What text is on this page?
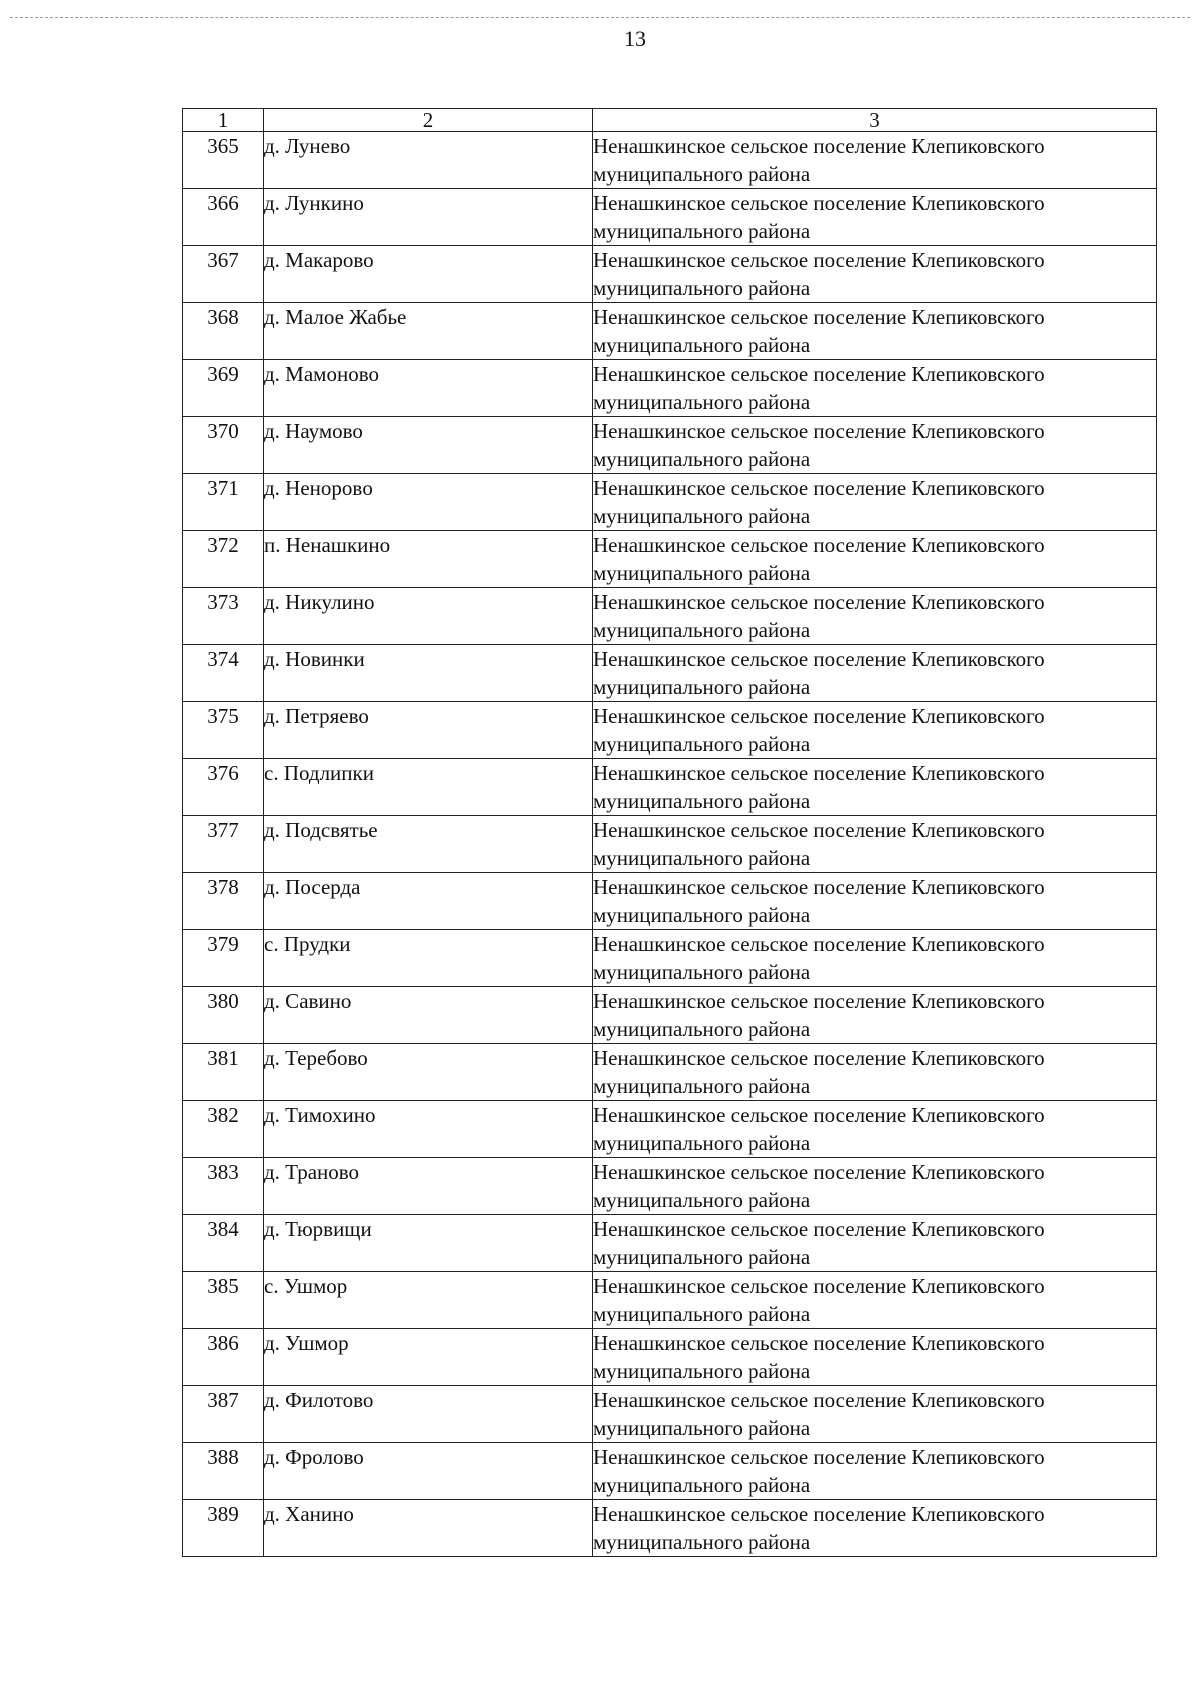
13
1	2	3
365	д. Лунево	Ненашкинское сельское поселение Клепиковского муниципального района
366	д. Лункино	Ненашкинское сельское поселение Клепиковского муниципального района
367	д. Макарово	Ненашкинское сельское поселение Клепиковского муниципального района
368	д. Малое Жабье	Ненашкинское сельское поселение Клепиковского муниципального района
369	д. Мамоново	Ненашкинское сельское поселение Клепиковского муниципального района
370	д. Наумово	Ненашкинское сельское поселение Клепиковского муниципального района
371	д. Неноровo	Ненашкинское сельское поселение Клепиковского муниципального района
372	п. Ненашкино	Ненашкинское сельское поселение Клепиковского муниципального района
373	д. Никулино	Ненашкинское сельское поселение Клепиковского муниципального района
374	д. Новинки	Ненашкинское сельское поселение Клепиковского муниципального района
375	д. Петряево	Ненашкинское сельское поселение Клепиковского муниципального района
376	с. Подлипки	Ненашкинское сельское поселение Клепиковского муниципального района
377	д. Подсвятье	Ненашкинское сельское поселение Клепиковского муниципального района
378	д. Посерда	Ненашкинское сельское поселение Клепиковского муниципального района
379	с. Прудки	Ненашкинское сельское поселение Клепиковского муниципального района
380	д. Савино	Ненашкинское сельское поселение Клепиковского муниципального района
381	д. Теребово	Ненашкинское сельское поселение Клепиковского муниципального района
382	д. Тимохино	Ненашкинское сельское поселение Клепиковского муниципального района
383	д. Траново	Ненашкинское сельское поселение Клепиковского муниципального района
384	д. Тюрвищи	Ненашкинское сельское поселение Клепиковского муниципального района
385	с. Ушмор	Ненашкинское сельское поселение Клепиковского муниципального района
386	д. Ушмор	Ненашкинское сельское поселение Клепиковского муниципального района
387	д. Филотово	Ненашкинское сельское поселение Клепиковского муниципального района
388	д. Фролово	Ненашкинское сельское поселение Клепиковского муниципального района
389	д. Ханино	Ненашкинское сельское поселение Клепиковского муниципального района
